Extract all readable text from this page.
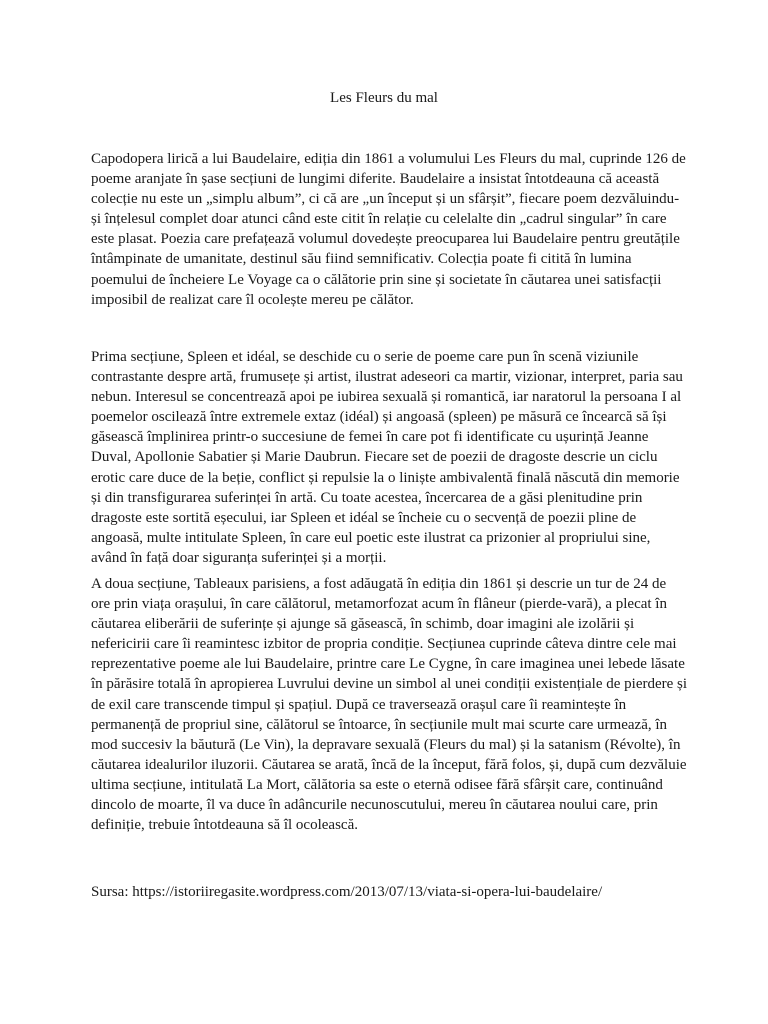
Les Fleurs du mal

Capodopera lirică a lui Baudelaire, ediția din 1861 a volumului Les Fleurs du mal, cuprinde 126 de poeme aranjate în șase secțiuni de lungimi diferite. Baudelaire a insistat întotdeauna că această colecție nu este un „simplu album”, ci că are „un început și un sfârșit”, fiecare poem dezvăluindu-și înțelesul complet doar atunci când este citit în relație cu celelalte din „cadrul singular” în care este plasat. Poezia care prefațează volumul dovedește preocuparea lui Baudelaire pentru greutățile întâmpinate de umanitate, destinul său fiind semnificativ. Colecția poate fi citită în lumina poemului de încheiere Le Voyage ca o călătorie prin sine și societate în căutarea unei satisfacții imposibil de realizat care îl ocolește mereu pe călător.

Prima secțiune, Spleen et idéal, se deschide cu o serie de poeme care pun în scenă viziunile contrastante despre artă, frumusețe și artist, ilustrat adeseori ca martir, vizionar, interpret, paria sau nebun. Interesul se concentrează apoi pe iubirea sexuală și romantică, iar naratorul la persoana I al poemelor oscilează între extremele extaz (idéal) și angoasă (spleen) pe măsură ce încearcă să își găsească împlinirea printr-o succesiune de femei în care pot fi identificate cu ușurință Jeanne Duval, Apollonie Sabatier și Marie Daubrun. Fiecare set de poezii de dragoste descrie un ciclu erotic care duce de la beție, conflict și repulsie la o liniște ambivalentă finală născută din memorie și din transfigurarea suferinței în artă. Cu toate acestea, încercarea de a găsi plenitudine prin dragoste este sortită eșecului, iar Spleen et idéal se încheie cu o secvență de poezii pline de angoasă, multe intitulate Spleen, în care eul poetic este ilustrat ca prizonier al propriului sine, având în față doar siguranța suferinței și a morții.

A doua secțiune, Tableaux parisiens, a fost adăugată în ediția din 1861 și descrie un tur de 24 de ore prin viața orașului, în care călătorul, metamorfozat acum în flâneur (pierde-vară), a plecat în căutarea eliberării de suferințe și ajunge să găsească, în schimb, doar imagini ale izolării și nefericirii care îi reamintesc izbitor de propria condiție. Secțiunea cuprinde câteva dintre cele mai reprezentative poeme ale lui Baudelaire, printre care Le Cygne, în care imaginea unei lebede lăsate în părăsire totală în apropierea Luvrului devine un simbol al unei condiții existențiale de pierdere și de exil care transcende timpul și spațiul. După ce traversează orașul care îi reamintește în permanență de propriul sine, călătorul se întoarce, în secțiunile mult mai scurte care urmează, în mod succesiv la băutură (Le Vin), la depravare sexuală (Fleurs du mal) și la satanism (Révolte), în căutarea idealurilor iluzorii. Căutarea se arată, încă de la început, fără folos, și, după cum dezvăluie ultima secțiune, intitulată La Mort, călătoria sa este o eternă odisee fără sfârșit care, continuând dincolo de moarte, îl va duce în adâncurile necunoscutului, mereu în căutarea noului care, prin definiție, trebuie întotdeauna să îl ocolească.

Sursa: https://istoriiregasite.wordpress.com/2013/07/13/viata-si-opera-lui-baudelaire/
